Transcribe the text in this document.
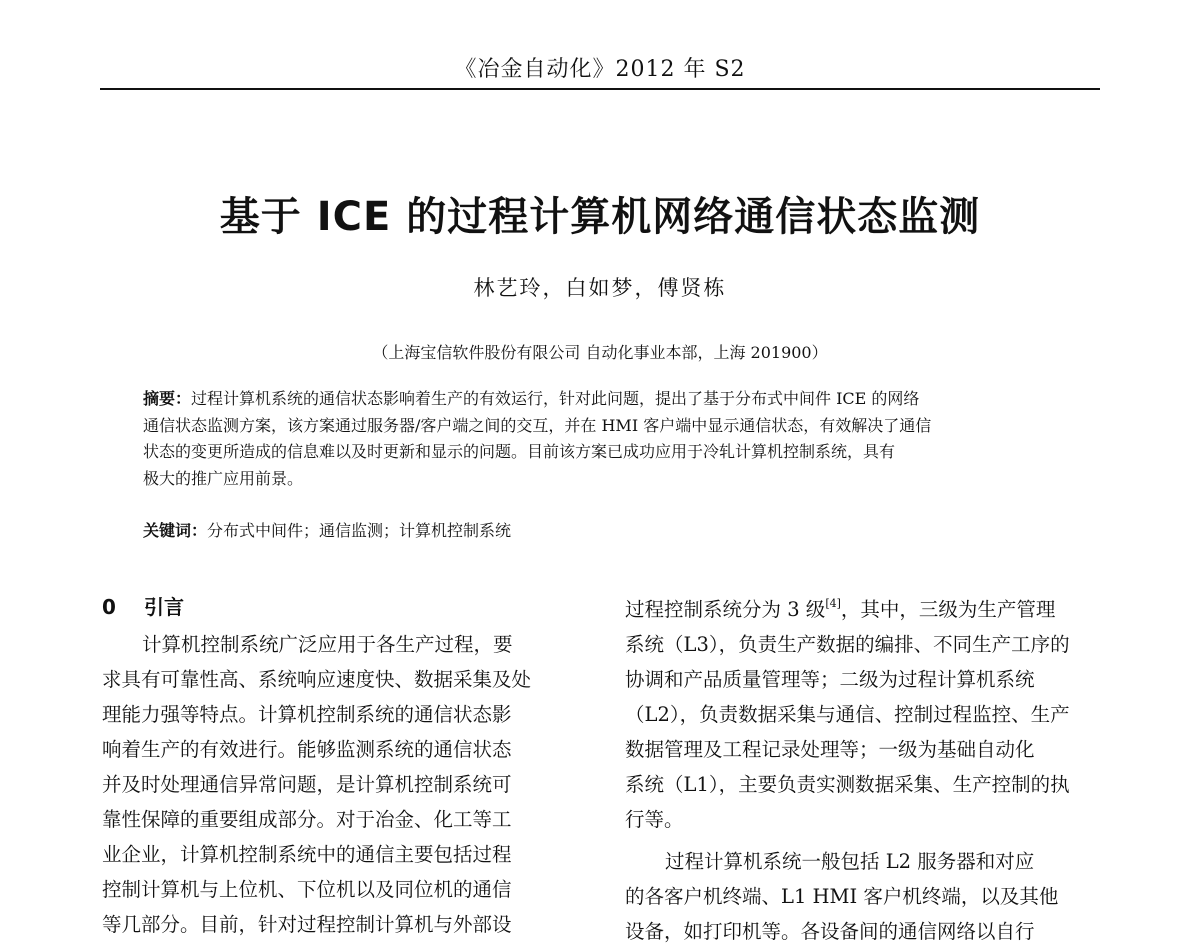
《冶金自动化》2012 年 S2
基于 ICE 的过程计算机网络通信状态监测
林艺玲，白如梦，傅贤栋
（上海宝信软件股份有限公司 自动化事业本部，上海 201900）
摘要：过程计算机系统的通信状态影响着生产的有效运行，针对此问题，提出了基于分布式中间件 ICE 的网络
通信状态监测方案，该方案通过服务器/客户端之间的交互，并在 HMI 客户端中显示通信状态，有效解决了通信
状态的变更所造成的信息难以及时更新和显示的问题。目前该方案已成功应用于冷轧计算机控制系统，具有
极大的推广应用前景。
关键词：分布式中间件；通信监测；计算机控制系统
0 引言
计算机控制系统广泛应用于各生产过程，要
求具有可靠性高、系统响应速度快、数据采集及处
理能力强等特点。计算机控制系统的通信状态影
响着生产的有效进行。能够监测系统的通信状态
并及时处理通信异常问题，是计算机控制系统可
靠性保障的重要组成部分。对于冶金、化工等工
业企业，计算机控制系统中的通信主要包括过程
控制计算机与上位机、下位机以及同位机的通信
等几部分。目前，针对过程控制计算机与外部设
过程控制系统分为 3 级[4]，其中，三级为生产管理
系统（L3），负责生产数据的编排、不同生产工序的
协调和产品质量管理等；二级为过程计算机系统
（L2），负责数据采集与通信、控制过程监控、生产
数据管理及工程记录处理等；一级为基础自动化
系统（L1），主要负责实测数据采集、生产控制的执
行等。
过程计算机系统一般包括 L2 服务器和对应
的各客户机终端、L1 HMI 客户机终端，以及其他
设备，如打印机等。各设备间的通信网络以自行
